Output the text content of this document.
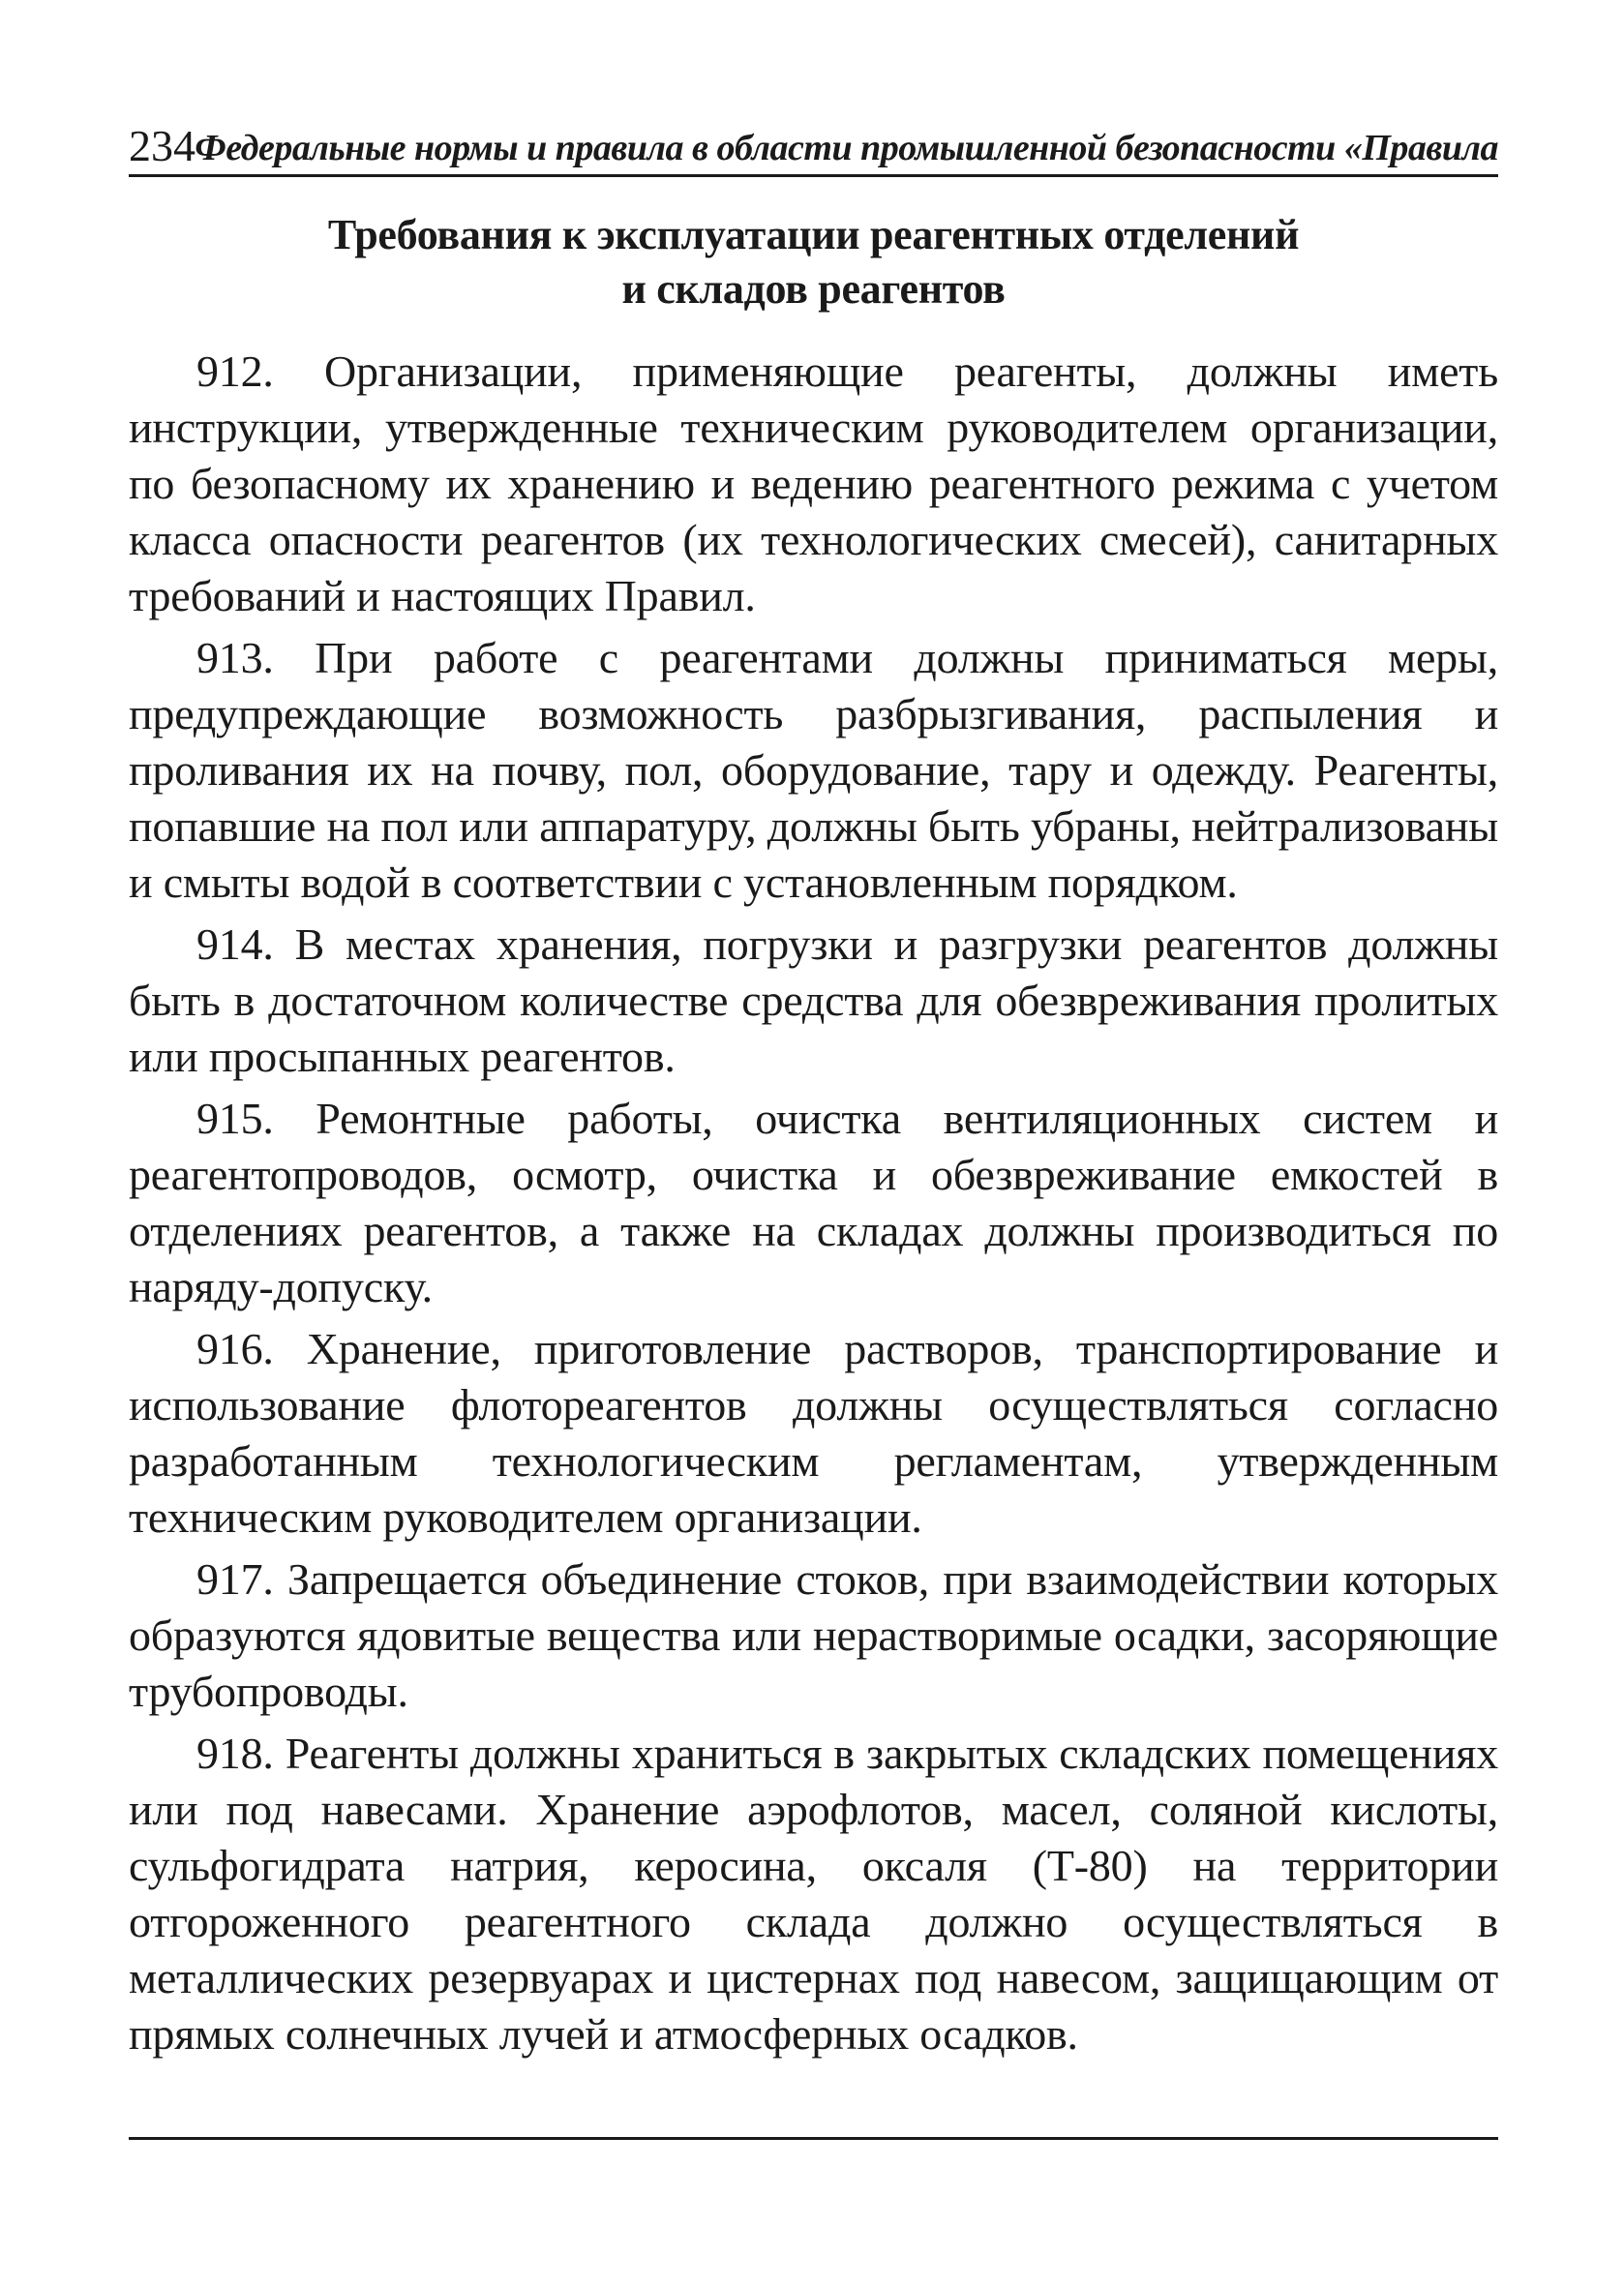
234 Федеральные нормы и правила в области промышленной безопасности «Правила
Требования к эксплуатации реагентных отделений
и складов реагентов

912. Организации, применяющие реагенты, должны иметь инструкции, утвержденные техническим руководителем организации, по безопасному их хранению и ведению реагентного режима с учетом класса опасности реагентов (их технологических смесей), санитарных требований и настоящих Правил.

913. При работе с реагентами должны приниматься меры, предупреждающие возможность разбрызгивания, распыления и проливания их на почву, пол, оборудование, тару и одежду. Реагенты, попавшие на пол или аппаратуру, должны быть убраны, нейтрализованы и смыты водой в соответствии с установленным порядком.

914. В местах хранения, погрузки и разгрузки реагентов должны быть в достаточном количестве средства для обезвреживания пролитых или просыпанных реагентов.

915. Ремонтные работы, очистка вентиляционных систем и реагентопроводов, осмотр, очистка и обезвреживание емкостей в отделениях реагентов, а также на складах должны производиться по наряду-допуску.

916. Хранение, приготовление растворов, транспортирование и использование флотореагентов должны осуществляться согласно разработанным технологическим регламентам, утвержденным техническим руководителем организации.

917. Запрещается объединение стоков, при взаимодействии которых образуются ядовитые вещества или нерастворимые осадки, засоряющие трубопроводы.

918. Реагенты должны храниться в закрытых складских помещениях или под навесами. Хранение аэрофлотов, масел, соляной кислоты, сульфогидрата натрия, керосина, оксаля (Т-80) на территории отгороженного реагентного склада должно осуществляться в металлических резервуарах и цистернах под навесом, защищающим от прямых солнечных лучей и атмосферных осадков.
